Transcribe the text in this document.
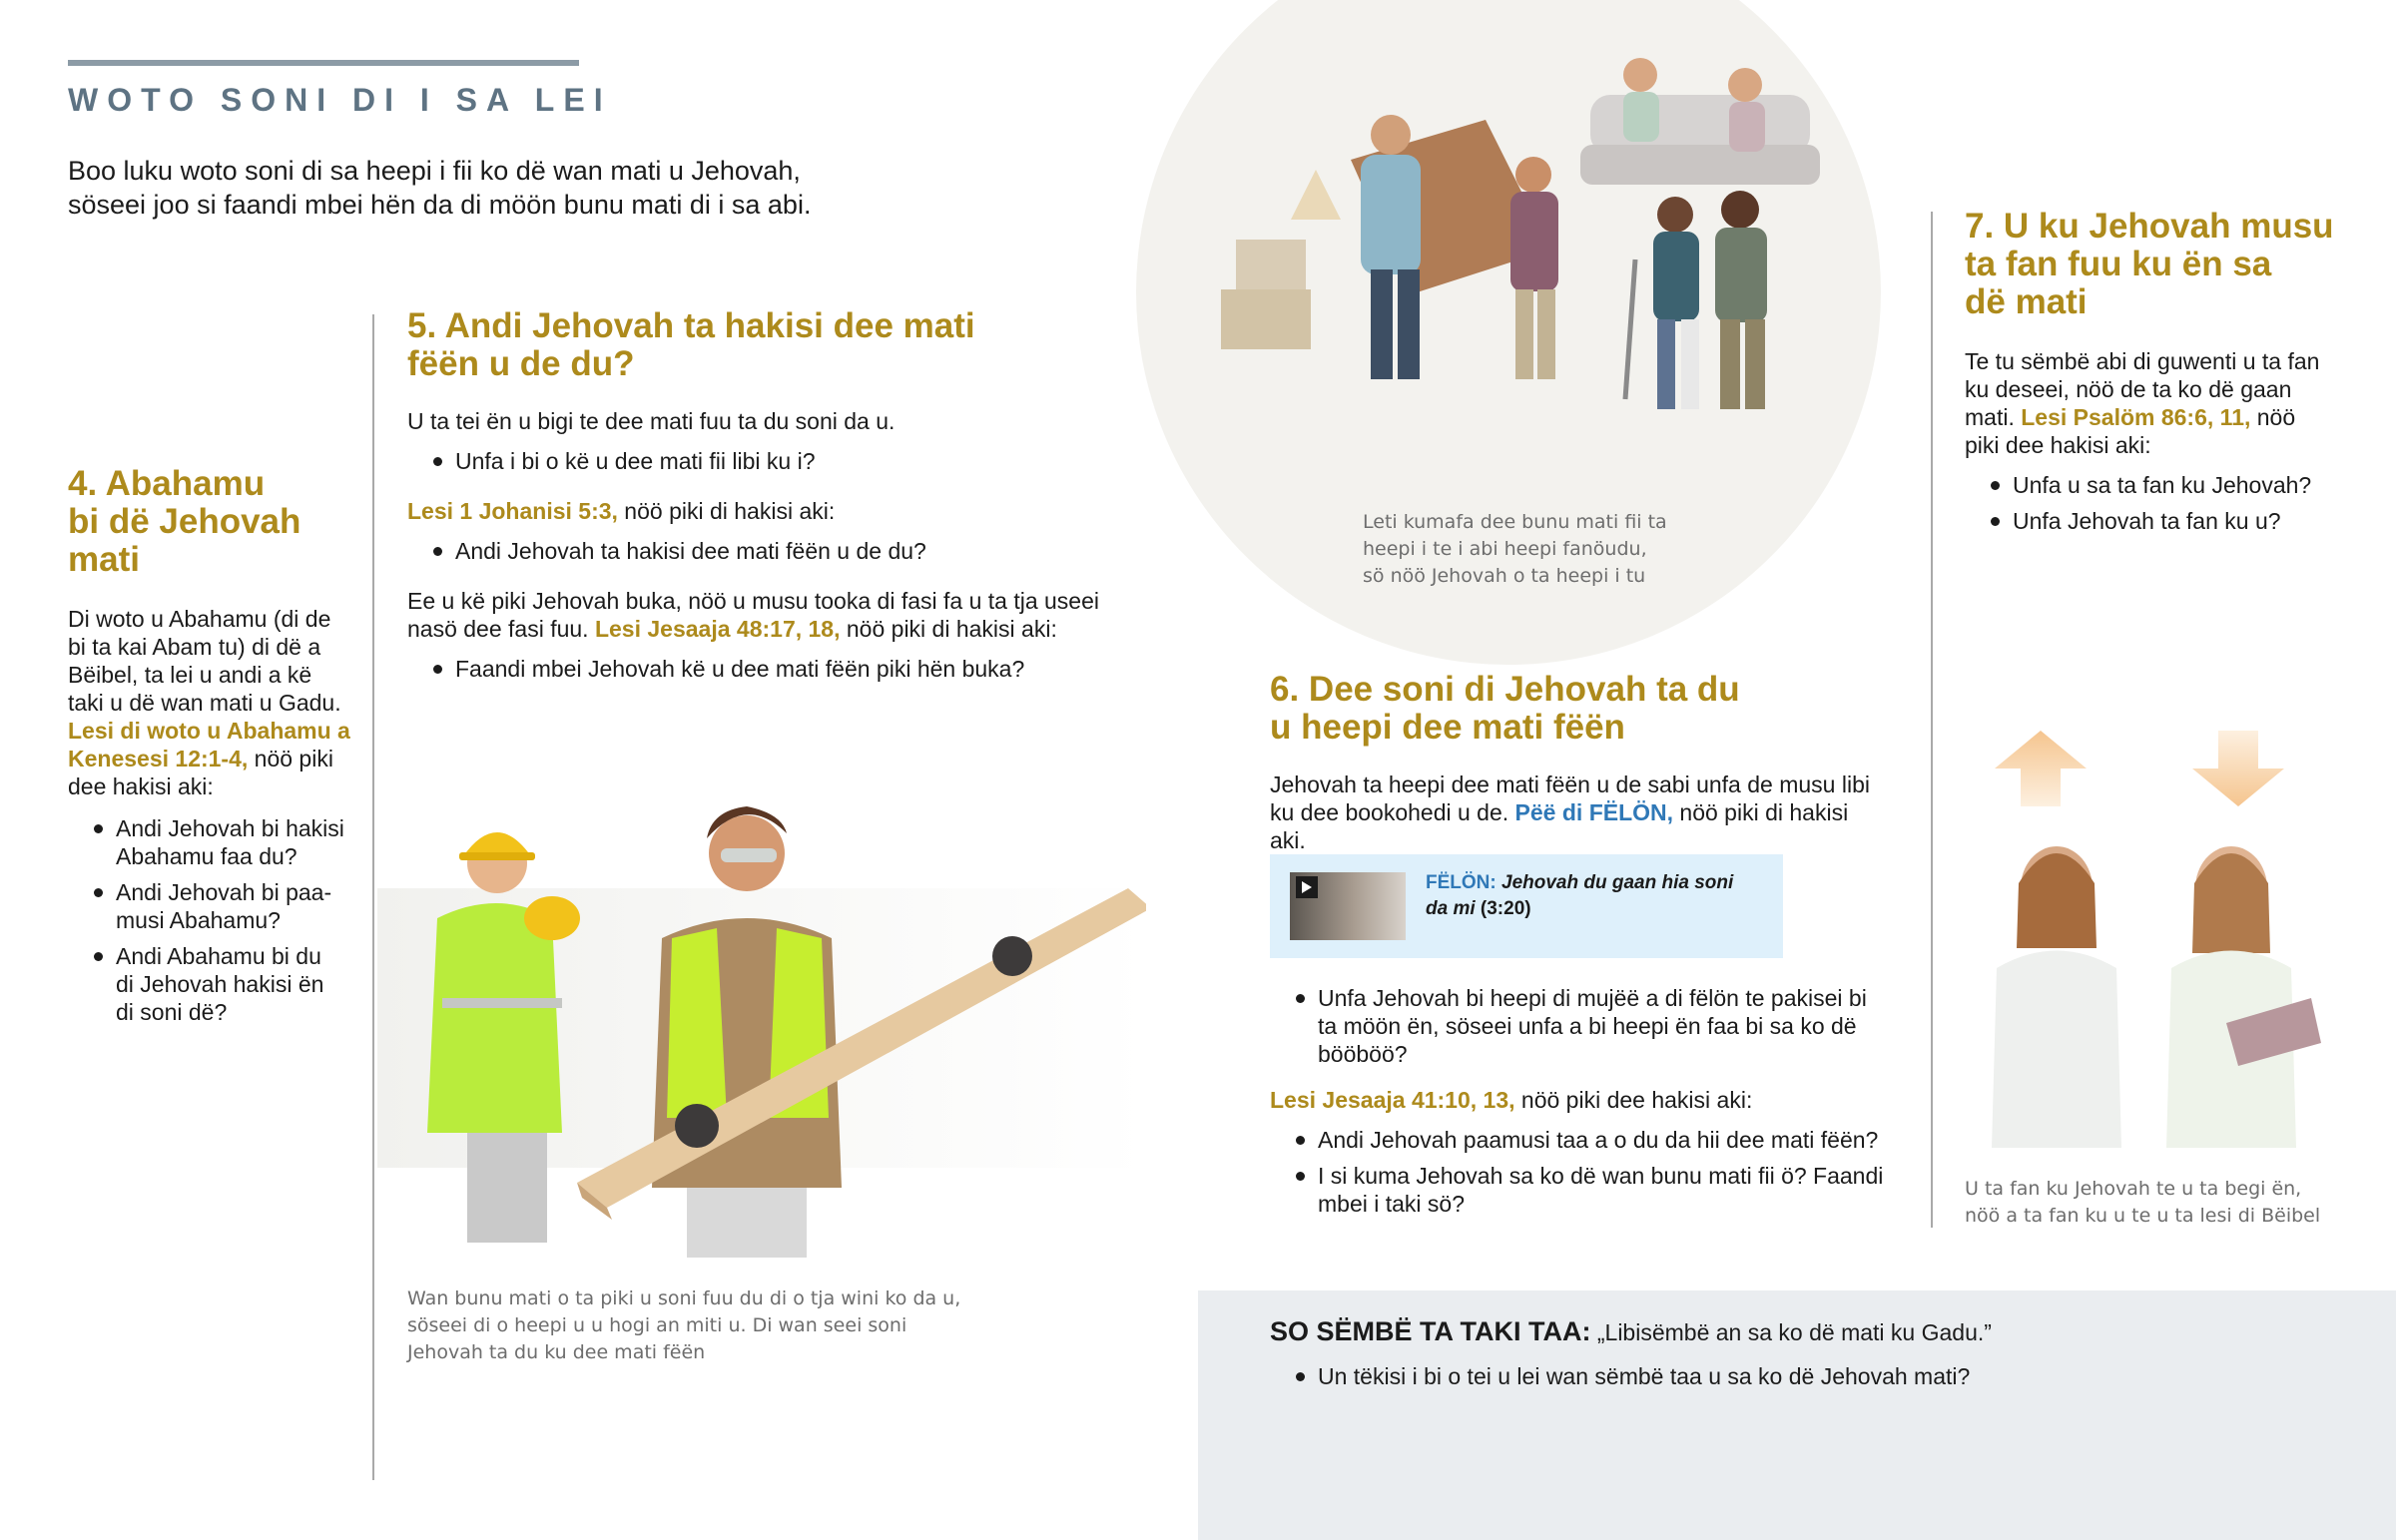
WOTO SONI DI I SA LEI

Boo luku woto soni di sa heepi i fii ko dë wan mati u Jehovah,

söseei joo si faandi mbei hën da di möön bunu mati di i sa abi.

4. Abahamu
bi dë Jehovah
mati

Di woto u Abahamu (di de
bi ta kai Abam tu) di dë a
Bëibel, ta lei u andi a kë
taki u dë wan mati u Gadu.
Lesi di woto u Abahamu a
Kenesesi 12:1-4, nöö piki
dee hakisi aki:

Andi Jehovah bi hakisi
Abahamu faa du?
Andi Jehovah bi paa-
musi Abahamu?
Andi Abahamu bi du
di Jehovah hakisi ën
di soni dë?
5. Andi Jehovah ta hakisi dee mati
fëën u de du?

U ta tei ën u bigi te dee mati fuu ta du soni da u.

Unfa i bi o kë u dee mati fii libi ku i?

Lesi 1 Johanisi 5:3, nöö piki di hakisi aki:

Andi Jehovah ta hakisi dee mati fëën u de du?

Ee u kë piki Jehovah buka, nöö u musu tooka di fasi fa u ta tja useei
nasö dee fasi fuu. Lesi Jesaaja 48:17, 18, nöö piki di hakisi aki:

Faandi mbei Jehovah kë u dee mati fëën piki hën buka?

Wan bunu mati o ta piki u soni fuu du di o tja wini ko da u,
söseei di o heepi u u hogi an miti u. Di wan seei soni
Jehovah ta du ku dee mati fëën

Leti kumafa dee bunu mati fii ta
heepi i te i abi heepi fanöudu,
sö nöö Jehovah o ta heepi i tu

6. Dee soni di Jehovah ta du
u heepi dee mati fëën

Jehovah ta heepi dee mati fëën u de sabi unfa de musu libi
ku dee bookohedi u de. Pëë di FËLÖN, nöö piki di hakisi aki.

FËLÖN: Jehovah du gaan hia soni
da mi (3:20)
Unfa Jehovah bi heepi di mujëë a di fëlön te pakisei bi
ta möön ën, söseei unfa a bi heepi ën faa bi sa ko dë
bööböö?

Lesi Jesaaja 41:10, 13, nöö piki dee hakisi aki:

Andi Jehovah paamusi taa a o du da hii dee mati fëën?
I si kuma Jehovah sa ko dë wan bunu mati fii ö? Faandi
mbei i taki sö?
7. U ku Jehovah musu
ta fan fuu ku ën sa
dë mati

Te tu sëmbë abi di guwenti u ta fan
ku deseei, nöö de ta ko dë gaan
mati. Lesi Psalöm 86:6, 11, nöö
piki dee hakisi aki:

Unfa u sa ta fan ku Jehovah?
Unfa Jehovah ta fan ku u?

U ta fan ku Jehovah te u ta begi ën,
nöö a ta fan ku u te u ta lesi di Bëibel

SO SËMBË TA TAKI TAA: „Libisëmbë an sa ko dë mati ku Gadu.”
Un tëkisi i bi o tei u lei wan sëmbë taa u sa ko dë Jehovah mati?
